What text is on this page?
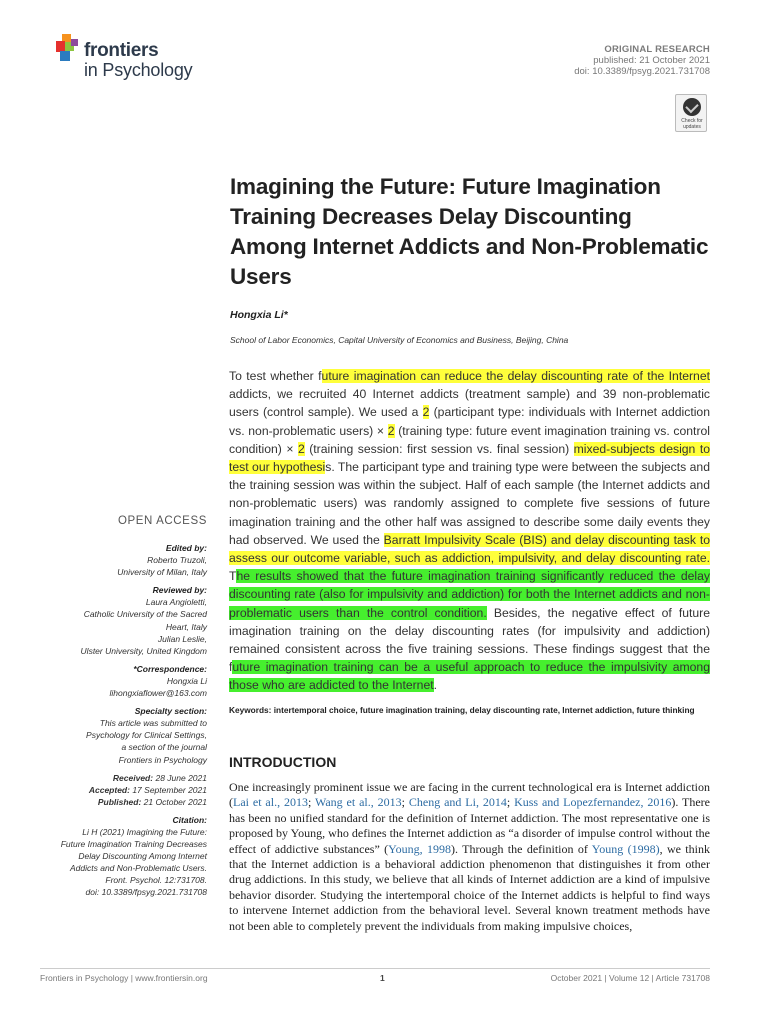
frontiers
in Psychology
ORIGINAL RESEARCH
published: 21 October 2021
doi: 10.3389/fpsyg.2021.731708
Check for updates
Imagining the Future: Future Imagination Training Decreases Delay Discounting Among Internet Addicts and Non-Problematic Users
Hongxia Li*
School of Labor Economics, Capital University of Economics and Business, Beijing, China

To test whether future imagination can reduce the delay discounting rate of the Internet addicts, we recruited 40 Internet addicts (treatment sample) and 39 non-problematic users (control sample). We used a 2 (participant type: individuals with Internet addiction vs. non-problematic users) × 2 (training type: future event imagination training vs. control condition) × 2 (training session: first session vs. final session) mixed-subjects design to test our hypothesis. The participant type and training type were between the subjects and the training session was within the subject. Half of each sample (the Internet addicts and non-problematic users) was randomly assigned to complete five sessions of future imagination training and the other half was assigned to describe some daily events they had observed. We used the Barratt Impulsivity Scale (BIS) and delay discounting task to assess our outcome variable, such as addiction, impulsivity, and delay discounting rate. The results showed that the future imagination training significantly reduced the delay discounting rate (also for impulsivity and addiction) for both the Internet addicts and non-problematic users than the control condition. Besides, the negative effect of future imagination training on the delay discounting rates (for impulsivity and addiction) remained consistent across the five training sessions. These findings suggest that the future imagination training can be a useful approach to reduce the impulsivity among those who are addicted to the Internet.

Keywords: intertemporal choice, future imagination training, delay discounting rate, Internet addiction, future thinking
OPEN ACCESS
Edited by:
Roberto Truzoli,
University of Milan, Italy
Reviewed by:
Laura Angioletti,
Catholic University of the Sacred
Heart, Italy
Julian Leslie,
Ulster University, United Kingdom
*Correspondence:
Hongxia Li
lihongxiaflower@163.com
Specialty section:
This article was submitted to
Psychology for Clinical Settings,
a section of the journal
Frontiers in Psychology
Received: 28 June 2021
Accepted: 17 September 2021
Published: 21 October 2021
Citation:
Li H (2021) Imagining the Future:
Future Imagination Training Decreases
Delay Discounting Among Internet
Addicts and Non-Problematic Users.
Front. Psychol. 12:731708.
doi: 10.3389/fpsyg.2021.731708
INTRODUCTION

One increasingly prominent issue we are facing in the current technological era is Internet addiction (Lai et al., 2013; Wang et al., 2013; Cheng and Li, 2014; Kuss and Lopezfernandez, 2016). There has been no unified standard for the definition of Internet addiction. The most representative one is proposed by Young, who defines the Internet addiction as “a disorder of impulse control without the effect of addictive substances” (Young, 1998). Through the definition of Young (1998), we think that the Internet addiction is a behavioral addiction phenomenon that distinguishes it from other drug addictions. In this study, we believe that all kinds of Internet addiction are a kind of impulsive behavior disorder. Studying the intertemporal choice of the Internet addicts is helpful to find ways to intervene Internet addiction from the behavioral level. Several known treatment methods have not been able to completely prevent the individuals from making impulsive choices,

Frontiers in Psychology | www.frontiersin.org	1	October 2021 | Volume 12 | Article 731708
